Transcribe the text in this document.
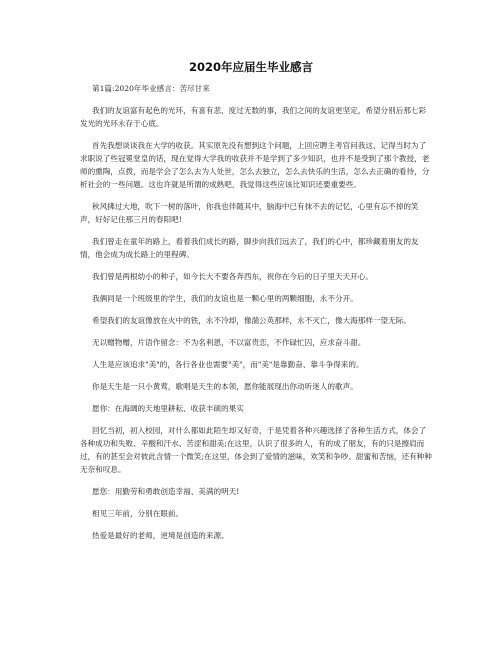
2020年应届生毕业感言

第1篇:2020年毕业感言：苦尽甘来

我们的友谊富有起色的光环，有喜有悲，度过无数的事，我们之间的友谊更坚定，希望分别后那七彩发光的光环永存于心底。

首先我想谈谈我在大学的收获。其实原先没有想到这个问题，上回应聘主考官问我这，记得当时为了求职说了些冠冕堂皇的话，现在觉得大学我的收获并不是学到了多少知识，也并不是受到了那个教授，老师的熏陶，点拨，而是学会了怎么去为人处世，怎么去独立，怎么去快乐的生活，怎么去正确的看待，分析社会的一些问题。这也许就是所谓的成熟吧，我觉得这些应该比知识还要重要些。

秋风拂过大地，吹下一树的落叶，你我也伴随其中，脑海中已有抹不去的记忆，心里有忘不掉的笑声，好好记住那三月的春阳吧!

我们曾走在童年的路上，看着我们成长的路，脚步向我们远去了，我们的心中，都珍藏着朋友的友情，他会成为成长路上的里程碑。

我们曾是两根幼小的种子，如今长大不要各奔西东，祝你在今后的日子里天天开心。

我俩同是一个班级里的学生，我们的友谊也是一颗心里的两颗细胞，永不分开。

希望我们的友谊像放在火中的铁，永不冷却，像湍公英那样，永不灭亡，像大海那样一望无际。

无以赠物赠，片语作留念：不为名利恩，不以富贵恋，不作碌忙囚，应求奋斗甜。

人生是应该追求"美"的，各行各业也需要"美"，而"美"是靠勤奋、靠斗争得来的。

你是天生是一只小黄莺，歌唱是天生的本领，愿你能展现出你动听迷人的歌声。

愿你：在海阔的天地里耕耘、收获丰硕的果实

回忆当初，初入校园，对什么都如此陌生却又好奇，于是凭着各种兴趣选择了各种生活方式，体会了各种成功和失败、辛酸和汗水、苦涩和甜美;在这里，认识了很多的人，有的成了朋友，有的只是擦肩而过，有的甚至会对彼此含情一个微笑;在这里，体会到了爱情的滋味，欢笑和争吵、甜蜜和苦恼，还有种种无奈和叹息。

愿您：用勤劳和勇敢创造幸福、美满的明天!

相见三年前，分别在眼前。

热爱是最好的老师，逆境是创造的来源。
